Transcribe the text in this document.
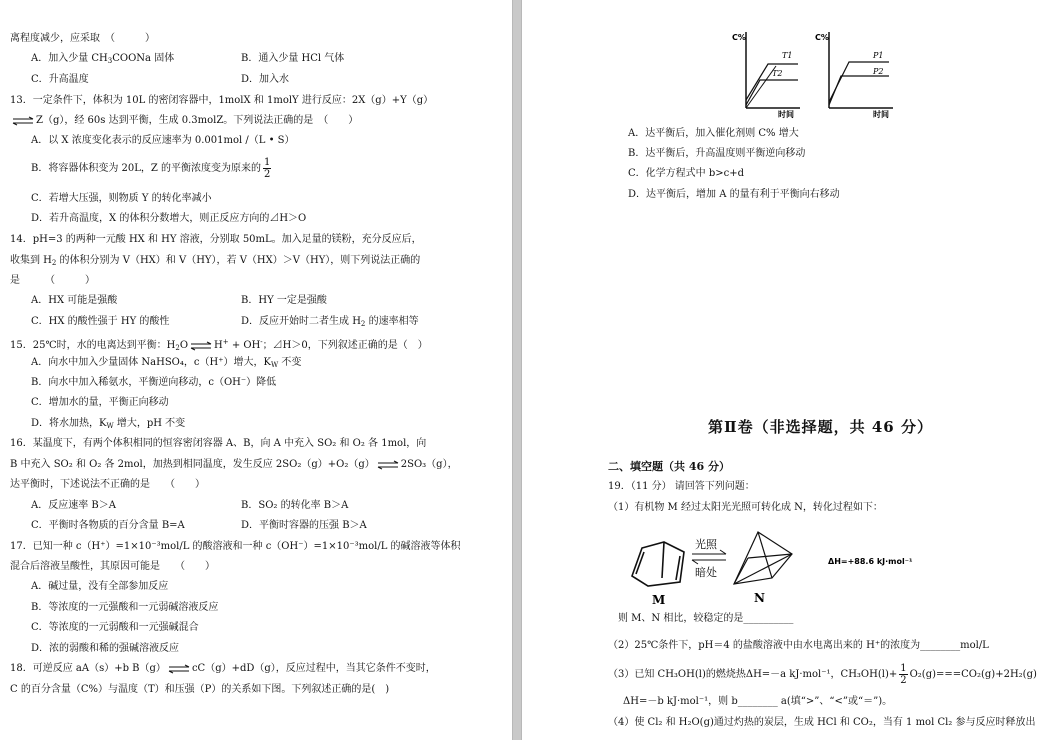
离程度减少，应采取　（　　　）
A．加入少量 $CH_3COONa$ 固体	B．通入少量 HCl 气体
C．升高温度	D．加入水
13．一定条件下，体积为 10L 的密闭容器中，1molX 和 1molY 进行反应：2X（g）+Y（g）
⇌ Z（g），经 60s 达到平衡，生成 0.3molZ。下列说法正确的是　（　　）
A．以 X 浓度变化表示的反应速率为 0.001mol /（L • S）
B．将容器体积变为 20L，Z 的平衡浓度变为原来的 $\frac{1}{2}$
C．若增大压强，则物质 Y 的转化率减小
D．若升高温度，X 的体积分数增大，则正反应方向的⊿H＞O
14．pH=3 的两种一元酸 HX 和 HY 溶液，分别取 50mL。加入足量的镁粉，充分反应后，
收集到 $H_2$ 的体积分别为 V（HX）和 V（HY），若 V（HX）＞V（HY），则下列说法正确的
是　　　（　　　）
A．HX 可能是强酸	B．HY 一定是强酸
C．HX 的酸性强于 HY 的酸性	D．反应开始时二者生成 $H_2$ 的速率相等
15．25℃时，水的电离达到平衡：$H_2O$ ⇌ H+ + OH-；⊿H＞0，下列叙述正确的是（　）
A．向水中加入少量固体 NaHSO₄，c（H⁺）增大，$K_W$ 不变
B．向水中加入稀氨水，平衡逆向移动，c（OH⁻）降低
C．增加水的量，平衡正向移动
D．将水加热，$K_W$ 增大，pH 不变
16．某温度下，有两个体积相同的恒容密闭容器 A、B，向 A 中充入 SO₂ 和 O₂ 各 1mol，向
B 中充入 SO₂ 和 O₂ 各 2mol，加热到相同温度，发生反应 2SO₂（g）+O₂（g） ⇌ 2SO₃（g），
达平衡时，下述说法不正确的是　　（　　）
A．反应速率 B＞A	B．SO₂ 的转化率 B＞A
C．平衡时各物质的百分含量 B=A	D．平衡时容器的压强 B＞A
17．已知一种 c（H⁺）=1×10⁻³mol/L 的酸溶液和一种 c（OH⁻）=1×10⁻³mol/L 的碱溶液等体积
混合后溶液呈酸性，其原因可能是　　（　　）
A．碱过量，没有全部参加反应
B．等浓度的一元强酸和一元弱碱溶液反应
C．等浓度的一元弱酸和一元强碱混合
D．浓的弱酸和稀的强碱溶液反应
18．可逆反应 aA（s）+b B（g） ⇌ cC（g）+dD（g），反应过程中，当其它条件不变时，
C 的百分含量（C%）与温度（T）和压强（P）的关系如下图。下列叙述正确的是(　)
C%
T1
T2
时间
C%
P1
P2
时间
A．达平衡后，加入催化剂则 C% 增大
B．达平衡后，升高温度则平衡逆向移动
C．化学方程式中 b>c+d
D．达平衡后，增加 A 的量有利于平衡向右移动
第Ⅱ卷（非选择题，共 46 分）
二、填空题（共 46 分）
19．（11 分） 请回答下列问题：
（1）有机物 M 经过太阳光光照可转化成 N，转化过程如下：
光照
暗处
M	N
ΔH=+88.6 kJ·mol⁻¹
则 M、N 相比，较稳定的是__________
（2）25℃条件下，pH＝4 的盐酸溶液中由水电离出来的 H⁺的浓度为________mol/L
（3）已知 CH₃OH(l)的燃烧热ΔH=－a kJ·mol⁻¹，$CH_3OH(l)+ \frac{1}{2} O_2(g)===CO_2(g)+2H_2(g)$
ΔH=－b kJ·mol⁻¹，则 b________ a(填“>”、“<”或“＝”)。
（4）使 Cl₂ 和 H₂O(g)通过灼热的炭层，生成 HCl 和 CO₂，当有 1 mol Cl₂ 参与反应时释放出
